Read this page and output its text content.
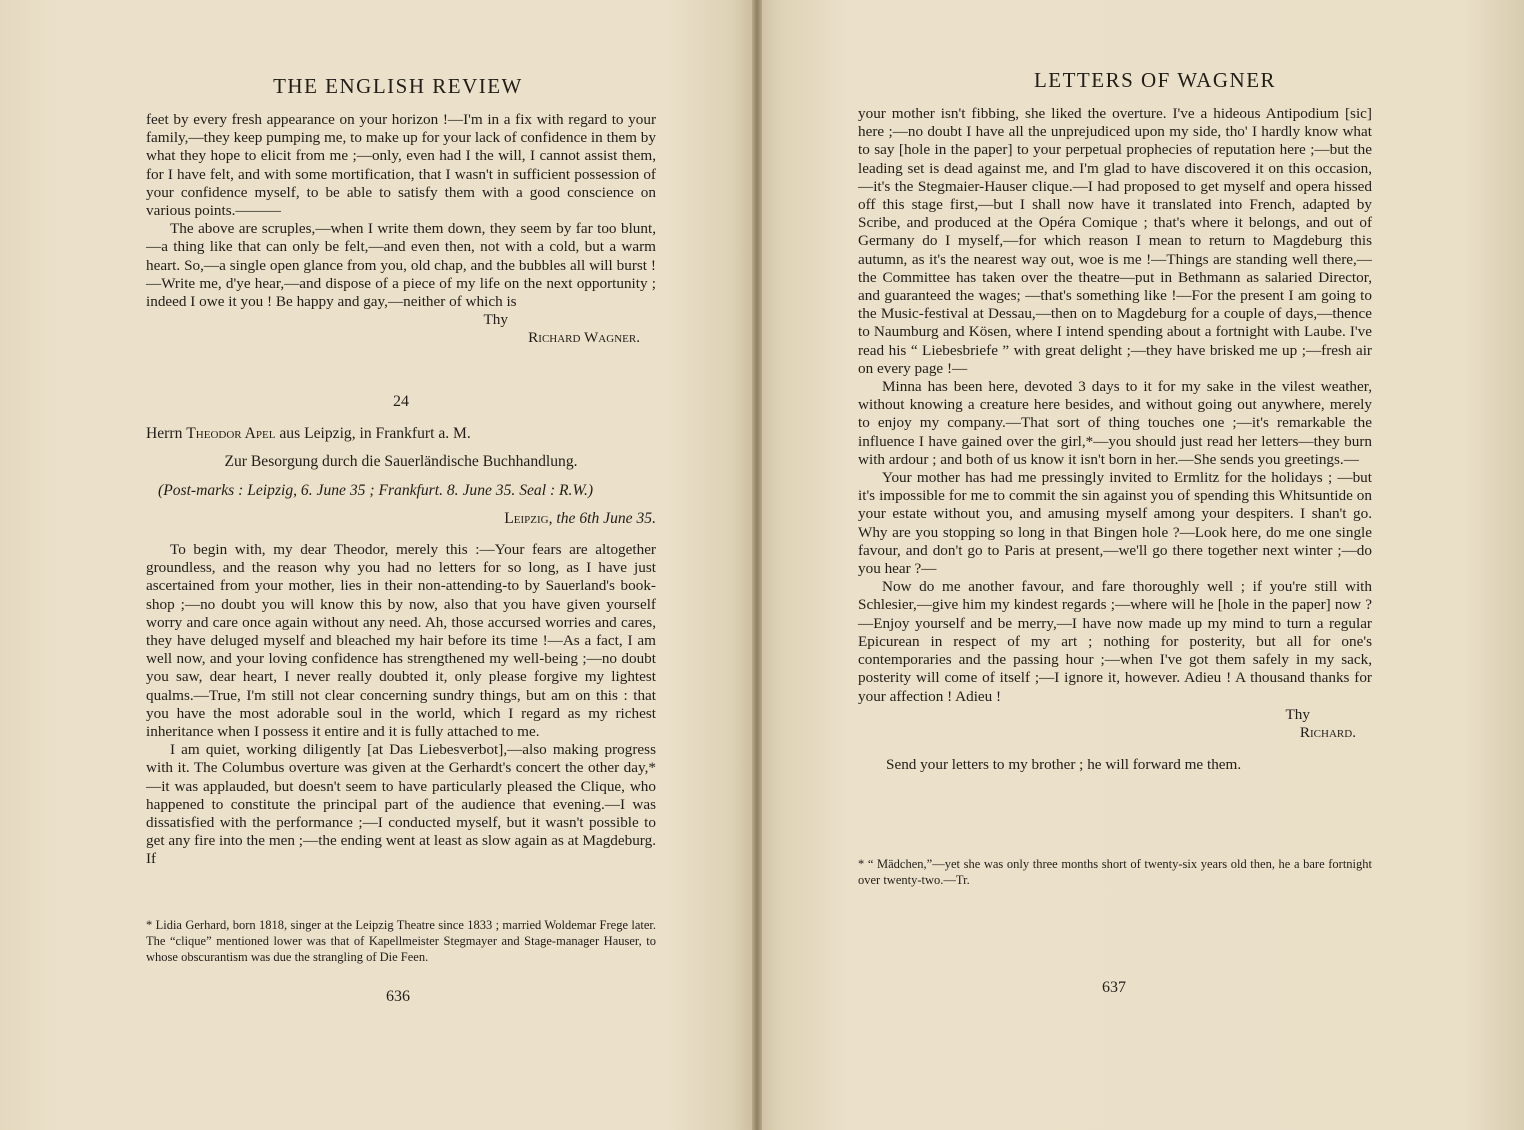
THE ENGLISH REVIEW

feet by every fresh appearance on your horizon !—I'm in a fix with regard to your family,—they keep pumping me, to make up for your lack of confidence in them by what they hope to elicit from me ;—only, even had I the will, I cannot assist them, for I have felt, and with some mortification, that I wasn't in sufficient possession of your confidence myself, to be able to satisfy them with a good conscience on various points.———

The above are scruples,—when I write them down, they seem by far too blunt,—a thing like that can only be felt,—and even then, not with a cold, but a warm heart. So,—a single open glance from you, old chap, and the bubbles all will burst !—Write me, d'ye hear,—and dispose of a piece of my life on the next opportunity ; indeed I owe it you ! Be happy and gay,—neither of which is

Thy

Richard Wagner.

24

Herrn Theodor Apel aus Leipzig, in Frankfurt a. M.

Zur Besorgung durch die Sauerländische Buchhandlung.

(Post-marks : Leipzig, 6. June 35 ; Frankfurt. 8. June 35. Seal : R.W.)

Leipzig, the 6th June 35.

To begin with, my dear Theodor, merely this :—Your fears are altogether groundless, and the reason why you had no letters for so long, as I have just ascertained from your mother, lies in their non-attending-to by Sauerland's book-shop ;—no doubt you will know this by now, also that you have given yourself worry and care once again without any need. Ah, those accursed worries and cares, they have deluged myself and bleached my hair before its time !—As a fact, I am well now, and your loving confidence has strengthened my well-being ;—no doubt you saw, dear heart, I never really doubted it, only please forgive my lightest qualms.—True, I'm still not clear concerning sundry things, but am on this : that you have the most adorable soul in the world, which I regard as my richest inheritance when I possess it entire and it is fully attached to me.

I am quiet, working diligently [at Das Liebesverbot],—also making progress with it. The Columbus overture was given at the Gerhardt's concert the other day,*—it was applauded, but doesn't seem to have particularly pleased the Clique, who happened to constitute the principal part of the audience that evening.—I was dissatisfied with the performance ;—I conducted myself, but it wasn't possible to get any fire into the men ;—the ending went at least as slow again as at Magdeburg. If

* Lidia Gerhard, born 1818, singer at the Leipzig Theatre since 1833 ; married Woldemar Frege later. The “clique” mentioned lower was that of Kapellmeister Stegmayer and Stage-manager Hauser, to whose obscurantism was due the strangling of Die Feen.
636
LETTERS OF WAGNER

your mother isn't fibbing, she liked the overture. I've a hideous Antipodium [sic] here ;—no doubt I have all the unprejudiced upon my side, tho' I hardly know what to say [hole in the paper] to your perpetual prophecies of reputation here ;—but the leading set is dead against me, and I'm glad to have discovered it on this occasion,—it's the Stegmaier-Hauser clique.—I had proposed to get myself and opera hissed off this stage first,—but I shall now have it translated into French, adapted by Scribe, and produced at the Opéra Comique ; that's where it belongs, and out of Germany do I myself,—for which reason I mean to return to Magdeburg this autumn, as it's the nearest way out, woe is me !—Things are standing well there,—the Committee has taken over the theatre—put in Bethmann as salaried Director, and guaranteed the wages; —that's something like !—For the present I am going to the Music-festival at Dessau,—then on to Magdeburg for a couple of days,—thence to Naumburg and Kösen, where I intend spending about a fortnight with Laube. I've read his “ Liebesbriefe ” with great delight ;—they have brisked me up ;—fresh air on every page !—

Minna has been here, devoted 3 days to it for my sake in the vilest weather, without knowing a creature here besides, and without going out anywhere, merely to enjoy my company.—That sort of thing touches one ;—it's remarkable the influence I have gained over the girl,*—you should just read her letters—they burn with ardour ; and both of us know it isn't born in her.—She sends you greetings.—

Your mother has had me pressingly invited to Ermlitz for the holidays ; —but it's impossible for me to commit the sin against you of spending this Whitsuntide on your estate without you, and amusing myself among your despiters. I shan't go. Why are you stopping so long in that Bingen hole ?—Look here, do me one single favour, and don't go to Paris at present,—we'll go there together next winter ;—do you hear ?—

Now do me another favour, and fare thoroughly well ; if you're still with Schlesier,—give him my kindest regards ;—where will he [hole in the paper] now ?—Enjoy yourself and be merry,—I have now made up my mind to turn a regular Epicurean in respect of my art ; nothing for posterity, but all for one's contemporaries and the passing hour ;—when I've got them safely in my sack, posterity will come of itself ;—I ignore it, however. Adieu ! A thousand thanks for your affection ! Adieu !

Thy

Richard.

Send your letters to my brother ; he will forward me them.

* “ Mädchen,”—yet she was only three months short of twenty-six years old then, he a bare fortnight over twenty-two.—Tr.
637
